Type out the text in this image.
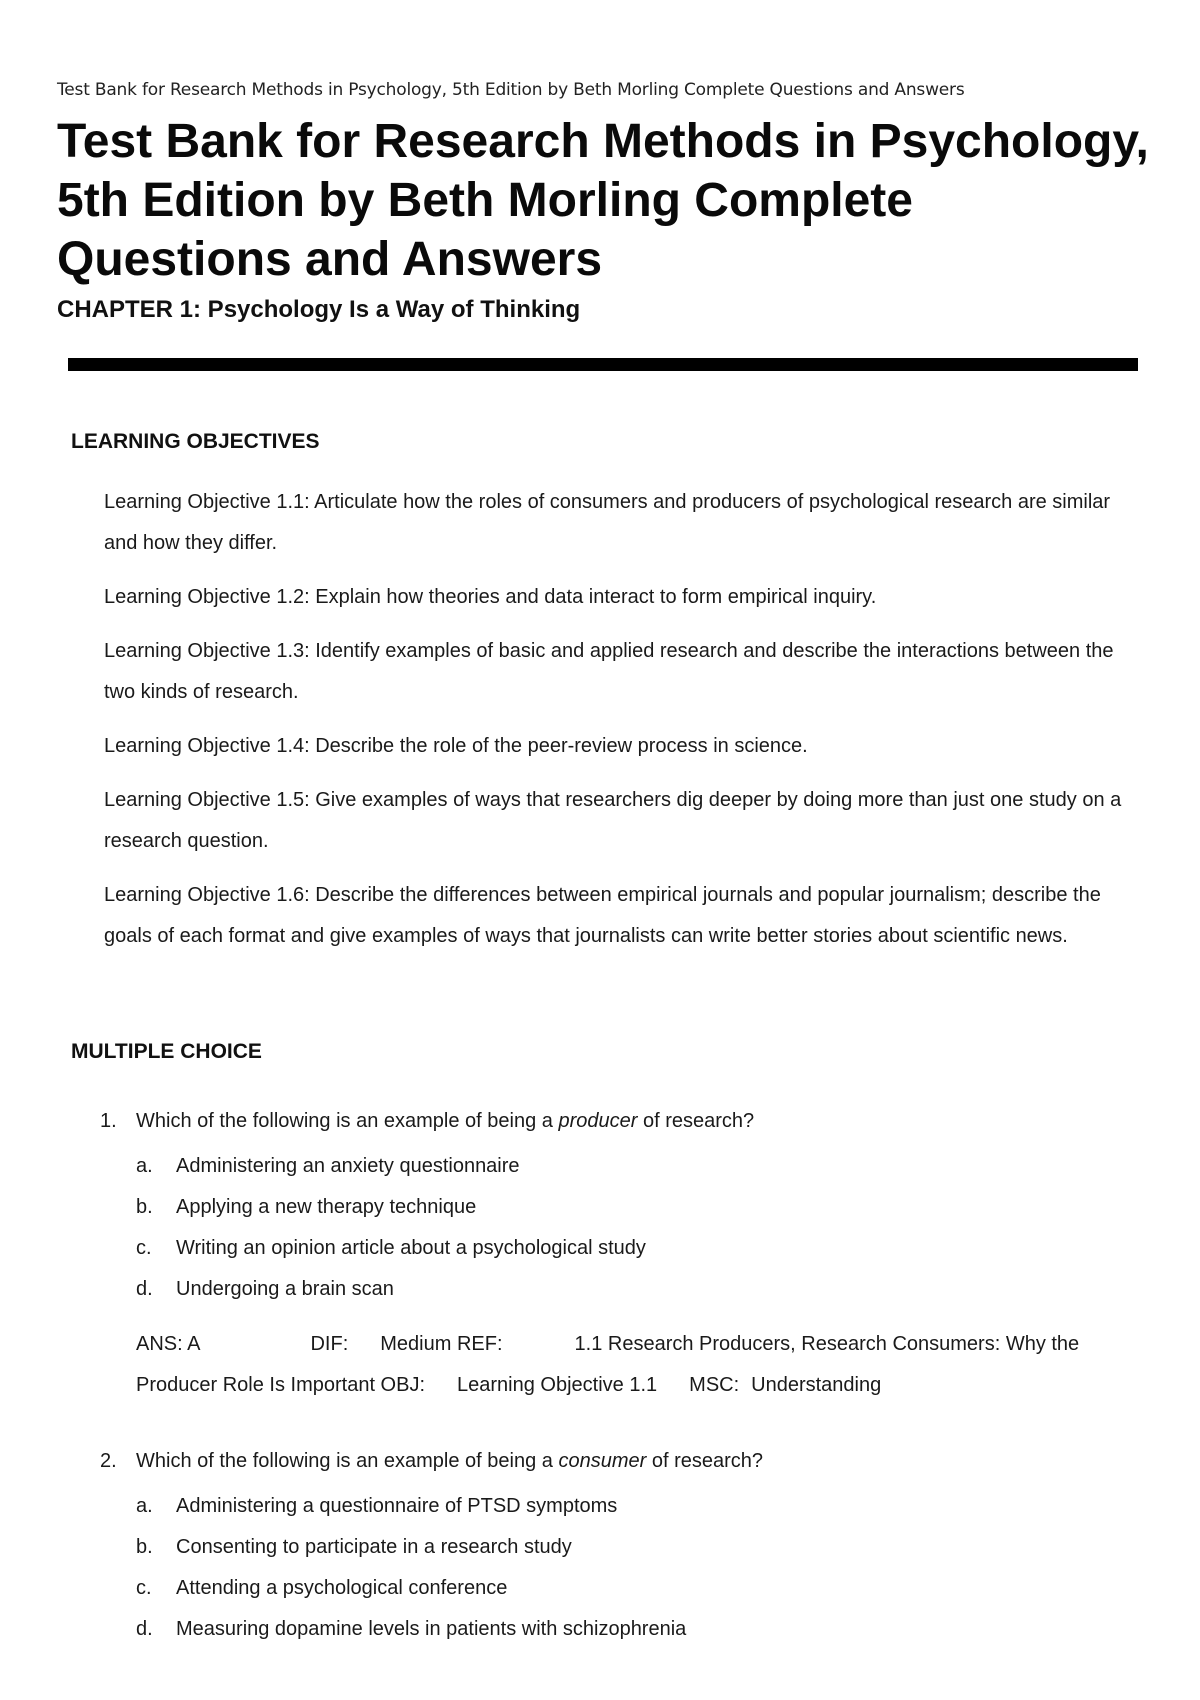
Test Bank for Research Methods in Psychology, 5th Edition by Beth Morling Complete Questions and Answers
Test Bank for Research Methods in Psychology, 5th Edition by Beth Morling Complete Questions and Answers
CHAPTER 1: Psychology Is a Way of Thinking
LEARNING OBJECTIVES
Learning Objective 1.1: Articulate how the roles of consumers and producers of psychological research are similar and how they differ.
Learning Objective 1.2: Explain how theories and data interact to form empirical inquiry.
Learning Objective 1.3: Identify examples of basic and applied research and describe the interactions between the two kinds of research.
Learning Objective 1.4: Describe the role of the peer-review process in science.
Learning Objective 1.5: Give examples of ways that researchers dig deeper by doing more than just one study on a research question.
Learning Objective 1.6: Describe the differences between empirical journals and popular journalism; describe the goals of each format and give examples of ways that journalists can write better stories about scientific news.
MULTIPLE CHOICE
1. Which of the following is an example of being a producer of research?
a. Administering an anxiety questionnaire
b. Applying a new therapy technique
c. Writing an opinion article about a psychological study
d. Undergoing a brain scan
ANS: A	DIF: Medium REF:	1.1 Research Producers, Research Consumers: Why the Producer Role Is Important OBJ: Learning Objective 1.1 MSC: Understanding
2. Which of the following is an example of being a consumer of research?
a. Administering a questionnaire of PTSD symptoms
b. Consenting to participate in a research study
c. Attending a psychological conference
d. Measuring dopamine levels in patients with schizophrenia
